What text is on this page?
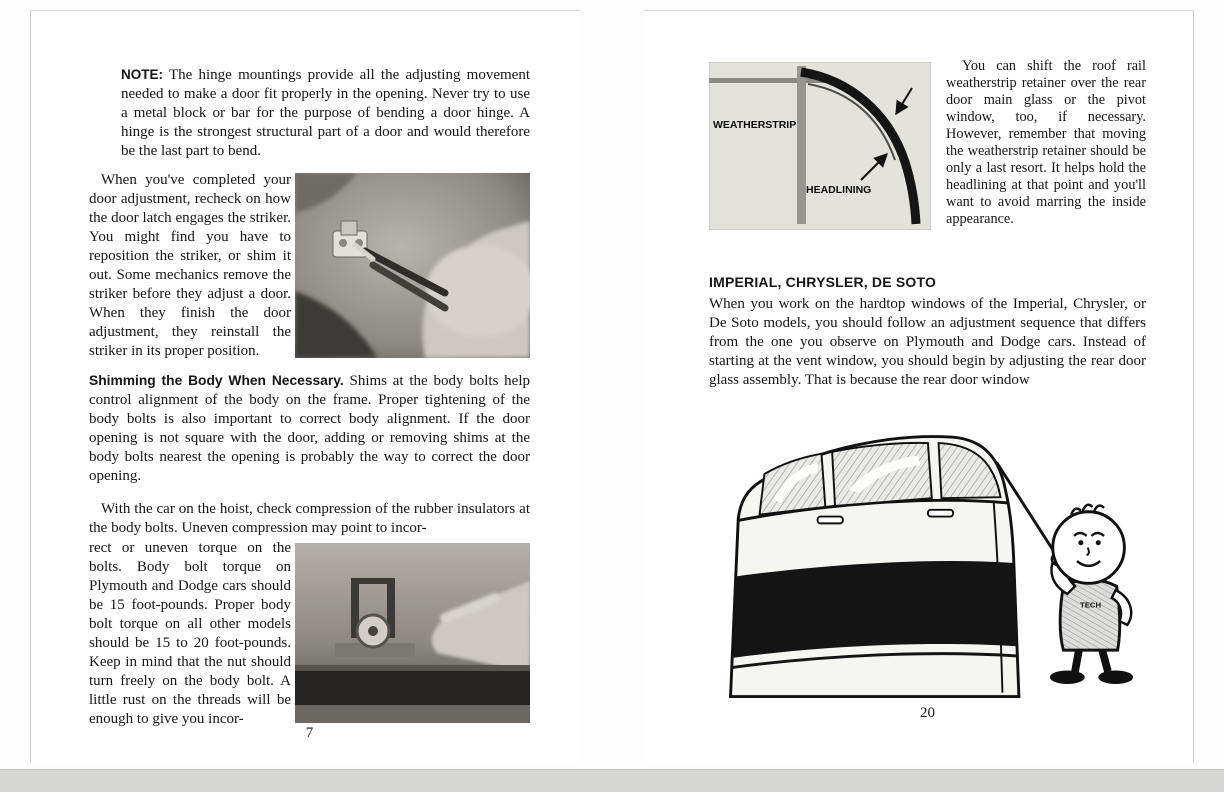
NOTE: The hinge mountings provide all the adjusting movement needed to make a door fit properly in the opening. Never try to use a metal block or bar for the purpose of bending a door hinge. A hinge is the strongest structural part of a door and would therefore be the last part to bend.

When you've completed your door adjustment, recheck on how the door latch engages the striker. You might find you have to reposition the striker, or shim it out. Some mechanics remove the striker before they adjust a door. When they finish the door adjustment, they reinstall the striker in its proper position.

Shimming the Body When Necessary. Shims at the body bolts help control alignment of the body on the frame. Proper tightening of the body bolts is also important to correct body alignment. If the door opening is not square with the door, adding or removing shims at the body bolts nearest the opening is probably the way to correct the door opening.

With the car on the hoist, check compression of the rubber insulators at the body bolts. Uneven compression may point to incor-

rect or uneven torque on the bolts. Body bolt torque on Plymouth and Dodge cars should be 15 foot-pounds. Proper body bolt torque on all other models should be 15 to 20 foot-pounds. Keep in mind that the nut should turn freely on the body bolt. A little rust on the threads will be enough to give you incor-

7
WEATHERSTRIP
HEADLINING

You can shift the roof rail weatherstrip retainer over the rear door main glass or the pivot window, too, if necessary. However, remember that moving the weatherstrip retainer should be only a last resort. It helps hold the headlining at that point and you'll want to avoid marring the inside appearance.

IMPERIAL, CHRYSLER, DE SOTO

When you work on the hardtop windows of the Imperial, Chrysler, or De Soto models, you should follow an adjustment sequence that differs from the one you observe on Plymouth and Dodge cars. Instead of starting at the vent window, you should begin by adjusting the rear door glass assembly. That is because the rear door window

TECH
20
